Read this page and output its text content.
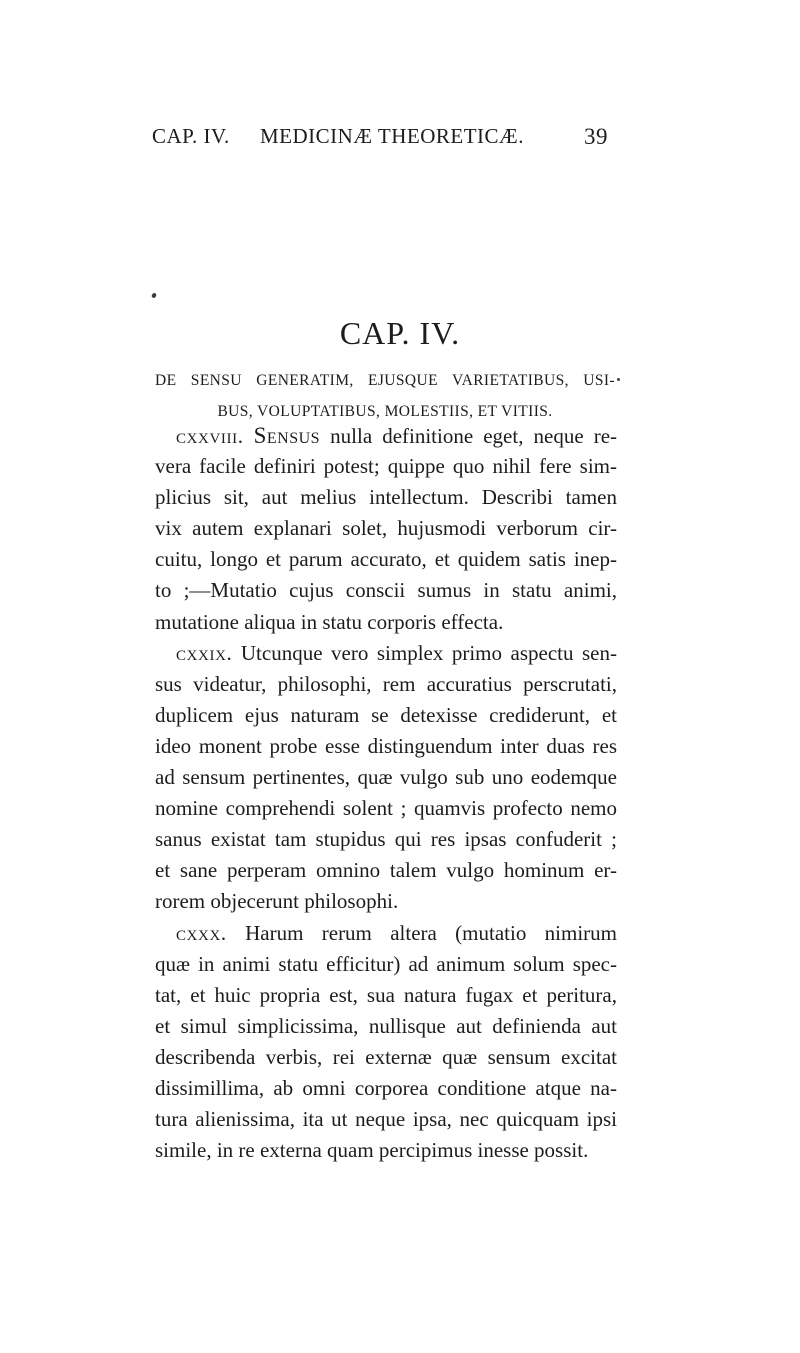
CAP. IV. MEDICINÆ THEORETICÆ.	39
CAP. IV.
DE SENSU GENERATIM, EJUSQUE VARIETATIBUS, USI-
BUS, VOLUPTATIBUS, MOLESTIIS, ET VITIIS.
cxxviii. Sensus nulla definitione eget, neque re-
vera facile definiri potest; quippe quo nihil fere sim-
plicius sit, aut melius intellectum. Describi tamen
vix autem explanari solet, hujusmodi verborum cir-
cuitu, longo et parum accurato, et quidem satis inep-
to ;—Mutatio cujus conscii sumus in statu animi,
mutatione aliqua in statu corporis effecta.
cxxix. Utcunque vero simplex primo aspectu sen-
sus videatur, philosophi, rem accuratius perscrutati,
duplicem ejus naturam se detexisse crediderunt, et
ideo monent probe esse distinguendum inter duas res
ad sensum pertinentes, quæ vulgo sub uno eodemque
nomine comprehendi solent ; quamvis profecto nemo
sanus existat tam stupidus qui res ipsas confuderit ;
et sane perperam omnino talem vulgo hominum er-
rorem objecerunt philosophi.
cxxx. Harum rerum altera (mutatio nimirum
quæ in animi statu efficitur) ad animum solum spec-
tat, et huic propria est, sua natura fugax et peritura,
et simul simplicissima, nullisque aut definienda aut
describenda verbis, rei externæ quæ sensum excitat
dissimillima, ab omni corporea conditione atque na-
tura alienissima, ita ut neque ipsa, nec quicquam ipsi
simile, in re externa quam percipimus inesse possit.
